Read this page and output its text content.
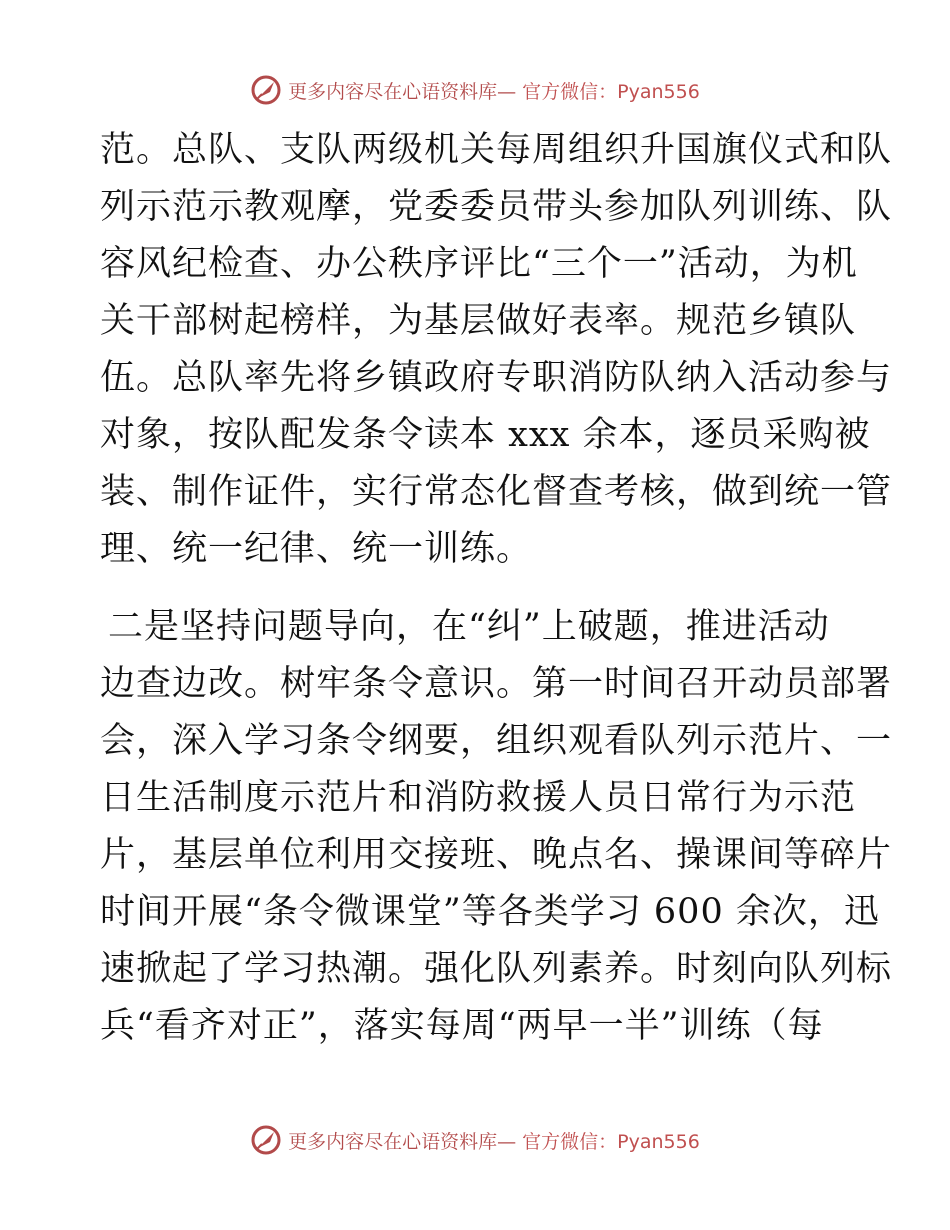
更多内容尽在心语资料库— 官方微信：Pyan556
范。总队、支队两级机关每周组织升国旗仪式和队
列示范示教观摩，党委委员带头参加队列训练、队
容风纪检查、办公秩序评比“三个一”活动，为机
关干部树起榜样，为基层做好表率。规范乡镇队
伍。总队率先将乡镇政府专职消防队纳入活动参与
对象，按队配发条令读本 xxx 余本，逐员采购被
装、制作证件，实行常态化督查考核，做到统一管
理、统一纪律、统一训练。
二是坚持问题导向，在“纠”上破题，推进活动
边查边改。树牢条令意识。第一时间召开动员部署
会，深入学习条令纲要，组织观看队列示范片、一
日生活制度示范片和消防救援人员日常行为示范
片，基层单位利用交接班、晚点名、操课间等碎片
时间开展“条令微课堂”等各类学习 600 余次，迅
速掀起了学习热潮。强化队列素养。时刻向队列标
兵“看齐对正”，落实每周“两早一半”训练（每
更多内容尽在心语资料库— 官方微信：Pyan556
